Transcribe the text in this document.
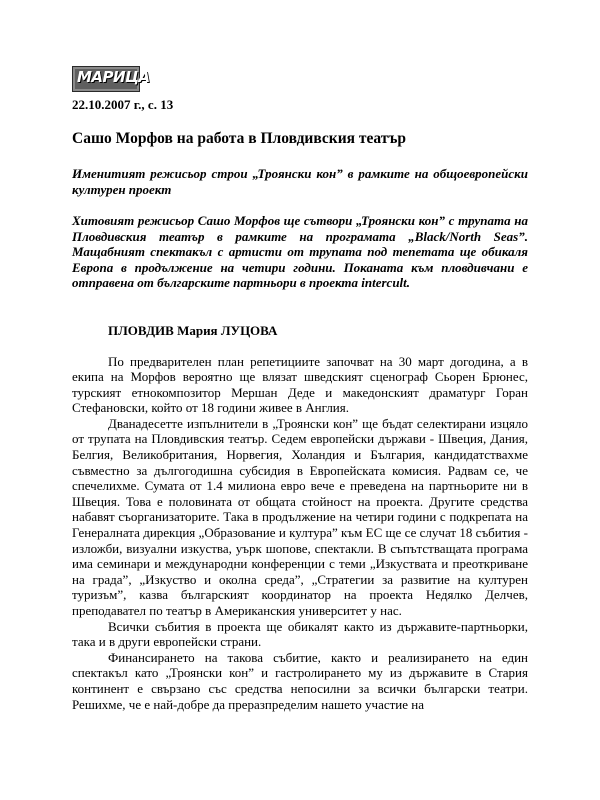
МАРИЦА
22.10.2007 г., с. 13
Сашо Морфов на работа в Пловдивския театър
Именитият режисьор строи „Троянски кон” в рамките на общоевропейски културен проект
Хитовият режисьор Сашо Морфов ще сътвори „Троянски кон” с трупата на Пловдивския театър в рамките на програмата „Black/North Seas”. Мащабният спектакъл с артисти от трупата под тепетата ще обикаля Европа в продължение на четири години. Поканата към пловдивчани е отправена от българските партньори в проекта intercult.
ПЛОВДИВ Мария ЛУЦОВА

По предварителен план репетициите започват на 30 март догодина, а в екипа на Морфов вероятно ще влязат шведският сценограф Сьорен Брюнес, турският етнокомпозитор Мершан Деде и македонският драматург Горан Стефановски, който от 18 години живее в Англия.

Дванадесетте изпълнители в „Троянски кон” ще бъдат селектирани изцяло от трупата на Пловдивския театър. Седем европейски държави - Швеция, Дания, Белгия, Великобритания, Норвегия, Холандия и България, кандидатствахме съвместно за дългогодишна субсидия в Европейската комисия. Радвам се, че спечелихме. Сумата от 1.4 милиона евро вече е преведена на партньорите ни в Швеция. Това е половината от общата стойност на проекта. Другите средства набавят съорганизаторите. Така в продължение на четири години с подкрепата на Генералната дирекция „Образование и култура” към ЕС ще се случат 18 събития - изложби, визуални изкуства, уърк шопове, спектакли. В съпътстващата програма има семинари и международни конференции с теми „Изкуствата и преоткриване на града”, „Изкуство и околна среда”, „Стратегии за развитие на културен туризъм”, казва българският координатор на проекта Недялко Делчев, преподавател по театър в Американския университет у нас.

Всички събития в проекта ще обикалят както из държавите-партньорки, така и в други европейски страни.

Финансирането на такова събитие, както и реализирането на един спектакъл като „Троянски кон” и гастролирането му из държавите в Стария континент е свързано със средства непосилни за всички български театри. Решихме, че е най-добре да преразпределим нашето участие на
